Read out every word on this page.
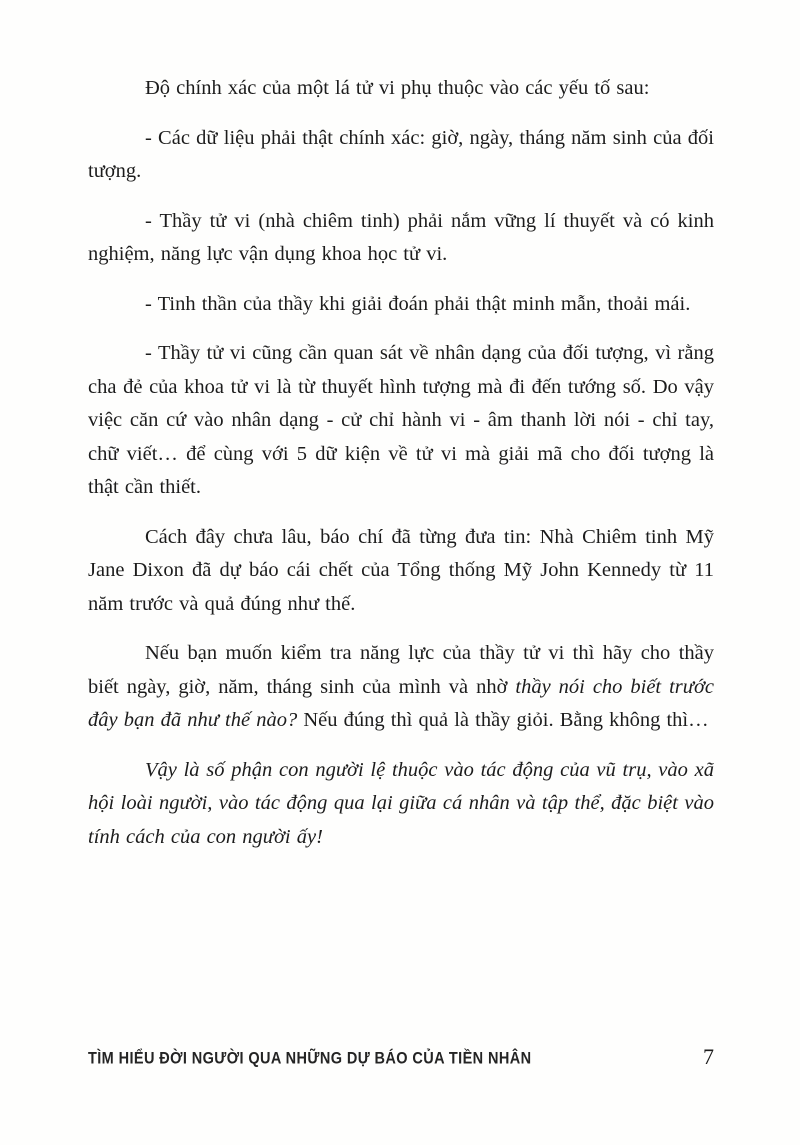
Độ chính xác của một lá tử vi phụ thuộc vào các yếu tố sau:

- Các dữ liệu phải thật chính xác: giờ, ngày, tháng năm sinh của đối tượng.

- Thầy tử vi (nhà chiêm tinh) phải nắm vững lí thuyết và có kinh nghiệm, năng lực vận dụng khoa học tử vi.

- Tinh thần của thầy khi giải đoán phải thật minh mẫn, thoải mái.

- Thầy tử vi cũng cần quan sát về nhân dạng của đối tượng, vì rằng cha đẻ của khoa tử vi là từ thuyết hình tượng mà đi đến tướng số. Do vậy việc căn cứ vào nhân dạng - cử chỉ hành vi - âm thanh lời nói - chỉ tay, chữ viết… để cùng với 5 dữ kiện về tử vi mà giải mã cho đối tượng là thật cần thiết.

Cách đây chưa lâu, báo chí đã từng đưa tin: Nhà Chiêm tinh Mỹ Jane Dixon đã dự báo cái chết của Tổng thống Mỹ John Kennedy từ 11 năm trước và quả đúng như thế.

Nếu bạn muốn kiểm tra năng lực của thầy tử vi thì hãy cho thầy biết ngày, giờ, năm, tháng sinh của mình và nhờ thầy nói cho biết trước đây bạn đã như thế nào? Nếu đúng thì quả là thầy giỏi. Bằng không thì…

Vậy là số phận con người lệ thuộc vào tác động của vũ trụ, vào xã hội loài người, vào tác động qua lại giữa cá nhân và tập thể, đặc biệt vào tính cách của con người ấy!

TÌM HIỂU ĐỜI NGƯỜI QUA NHỮNG DỰ BÁO CỦA TIỀN NHÂN	7
